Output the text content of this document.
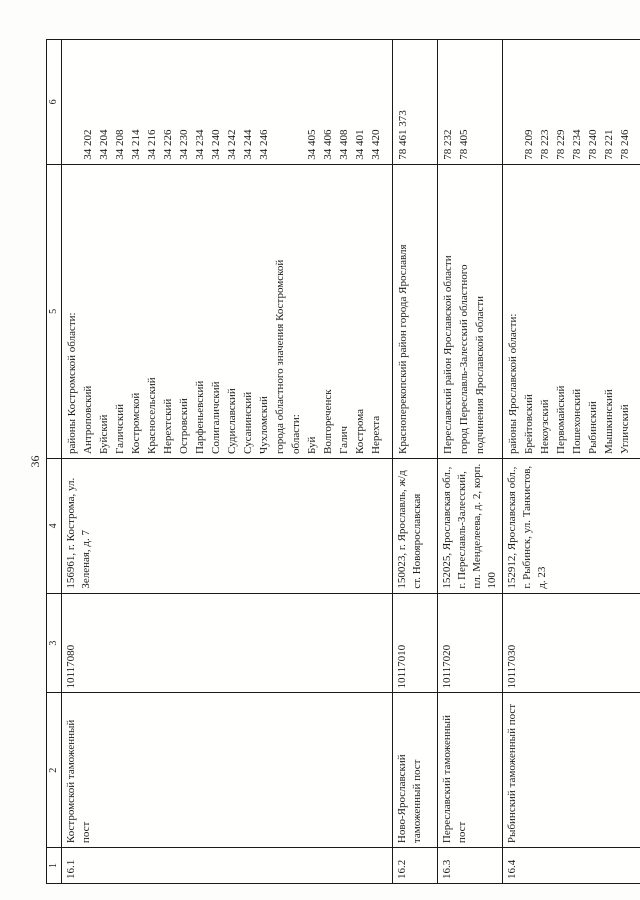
36
1
2
3
4
5
6
16.1
Костромской таможенный пост
10117080
156961, г. Кострома, ул. Зеленая, д. 7
районы Костромской области: Антроповский Буйский Галичский Костромской Красносельский Нерехтский Островский Парфеньевский Солигаличский Судиславский Сусанинский Чухломский города областного значения Костромской области: Буй Волгореченск Галич Кострома Нерехта

34 202 34 204 34 208 34 214 34 216 34 226 34 230 34 234 34 240 34 242 34 244 34 246

	34 405 34 406 34 408 34 401 34 420
16.2
Ново-Ярославский таможенный пост
10117010
150023, г. Ярославль, ж/д ст. Новоярославская
Красноперекопский район города Ярославля
78 461 373
16.3
Переславский таможенный пост
10117020
152025, Ярославская обл., г. Переславль-Залесский, пл. Менделеева, д. 2, корп. 100
Переславский район Ярославской области город Переславль-Залесский областного подчинения Ярославской области
78 232 78 405
16.4
Рыбинский таможенный пост
10117030
152912, Ярославская обл., г. Рыбинск, ул. Танкистов, д. 23
районы Ярославской области: Брейтовский Некоузский Первомайский Пошехонский Рыбинский Мышкинский Угличский

78 209 78 223 78 229 78 234 78 240 78 221 78 246
